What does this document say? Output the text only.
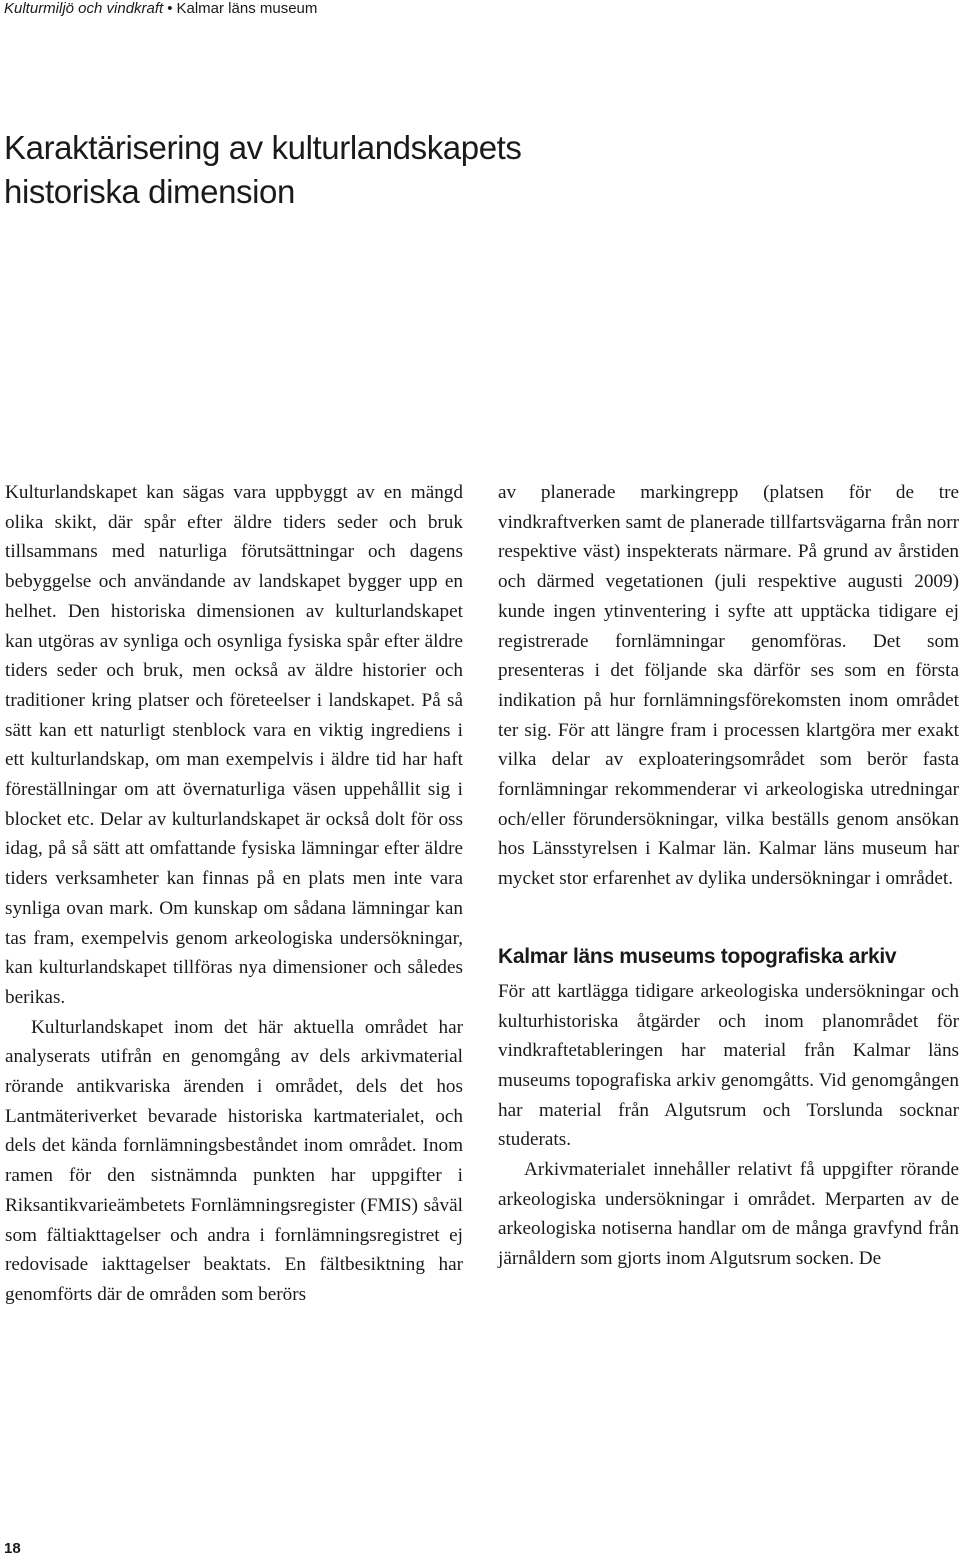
Kulturmiljö och vindkraft • Kalmar läns museum
Karaktärisering av kulturlandskapets
historiska dimension

Kulturlandskapet kan sägas vara uppbyggt av en mängd olika skikt, där spår efter äldre tiders seder och bruk tillsammans med naturliga förutsättningar och dagens bebyggelse och användande av landskapet bygger upp en helhet. Den historiska dimensionen av kulturlandskapet kan utgöras av synliga och osynliga fysiska spår efter äldre tiders seder och bruk, men också av äldre historier och traditioner kring platser och företeelser i landskapet. På så sätt kan ett naturligt stenblock vara en viktig ingrediens i ett kulturlandskap, om man exempelvis i äldre tid har haft föreställningar om att övernaturliga väsen uppehållit sig i blocket etc. Delar av kulturlandskapet är också dolt för oss idag, på så sätt att omfattande fysiska lämningar efter äldre tiders verksamheter kan finnas på en plats men inte vara synliga ovan mark. Om kunskap om sådana lämningar kan tas fram, exempelvis genom arkeologiska undersökningar, kan kulturlandskapet tillföras nya dimensioner och således berikas.

Kulturlandskapet inom det här aktuella området har analyserats utifrån en genomgång av dels arkivmaterial rörande antikvariska ärenden i området, dels det hos Lantmäteriverket bevarade historiska kartmaterialet, och dels det kända fornlämningsbeståndet inom området. Inom ramen för den sistnämnda punkten har uppgifter i Riksantikvarieämbetets Fornlämningsregister (FMIS) såväl som fältiakttagelser och andra i fornlämningsregistret ej redovisade iakttagelser beaktats. En fältbesiktning har genomförts där de områden som berörs

av planerade markingrepp (platsen för de tre vindkraftverken samt de planerade tillfartsvägarna från norr respektive väst) inspekterats närmare. På grund av årstiden och därmed vegetationen (juli respektive augusti 2009) kunde ingen ytinventering i syfte att upptäcka tidigare ej registrerade fornlämningar genomföras. Det som presenteras i det följande ska därför ses som en första indikation på hur fornlämningsförekomsten inom området ter sig. För att längre fram i processen klartgöra mer exakt vilka delar av exploateringsområdet som berör fasta fornlämningar rekommenderar vi arkeologiska utredningar och/eller förundersökningar, vilka beställs genom ansökan hos Länsstyrelsen i Kalmar län. Kalmar läns museum har mycket stor erfarenhet av dylika undersökningar i området.

Kalmar läns museums topografiska arkiv

För att kartlägga tidigare arkeologiska undersökningar och kulturhistoriska åtgärder och inom planområdet för vindkraftetableringen har material från Kalmar läns museums topografiska arkiv genomgåtts. Vid genomgången har material från Algutsrum och Torslunda socknar studerats.

Arkivmaterialet innehåller relativt få uppgifter rörande arkeologiska undersökningar i området. Merparten av de arkeologiska notiserna handlar om de många gravfynd från järnåldern som gjorts inom Algutsrum socken. De

18
